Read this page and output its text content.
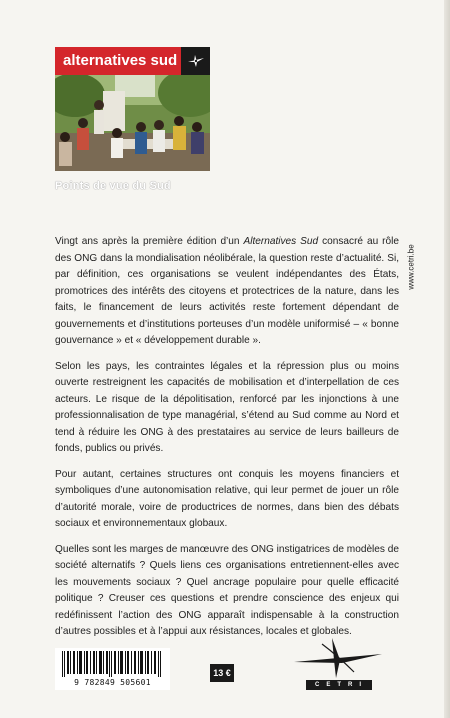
alternatives sud
Points de vue du Sud
www.cetri.be

Vingt ans après la première édition d’un Alternatives Sud consacré au rôle des ONG dans la mondialisation néolibérale, la question reste d’actualité. Si, par définition, ces organisations se veulent indépendantes des États, promotrices des intérêts des citoyens et protectrices de la nature, dans les faits, le financement de leurs activités reste fortement dépendant de gouvernements et d’institutions porteuses d’un modèle uniformisé – « bonne gouvernance » et « développement durable ».

Selon les pays, les contraintes légales et la répression plus ou moins ouverte restreignent les capacités de mobilisation et d’interpellation de ces acteurs. Le risque de la dépolitisation, renforcé par les injonctions à une professionnalisation de type managérial, s’étend au Sud comme au Nord et tend à réduire les ONG à des prestataires au service de leurs bailleurs de fonds, publics ou privés.

Pour autant, certaines structures ont conquis les moyens financiers et symboliques d’une autonomisation relative, qui leur permet de jouer un rôle d’autorité morale, voire de productrices de normes, dans bien des débats sociaux et environnementaux globaux.

Quelles sont les marges de manœuvre des ONG instigatrices de modèles de société alternatifs ? Quels liens ces organisations entretiennent-elles avec les mouvements sociaux ? Quel ancrage populaire pour quelle efficacité politique ? Creuser ces questions et prendre conscience des enjeux qui redéfinissent l’action des ONG apparaît indispensable à la construction d’autres possibles et à l’appui aux résistances, locales et globales.

9 782849 505601
13 €
CETRI
